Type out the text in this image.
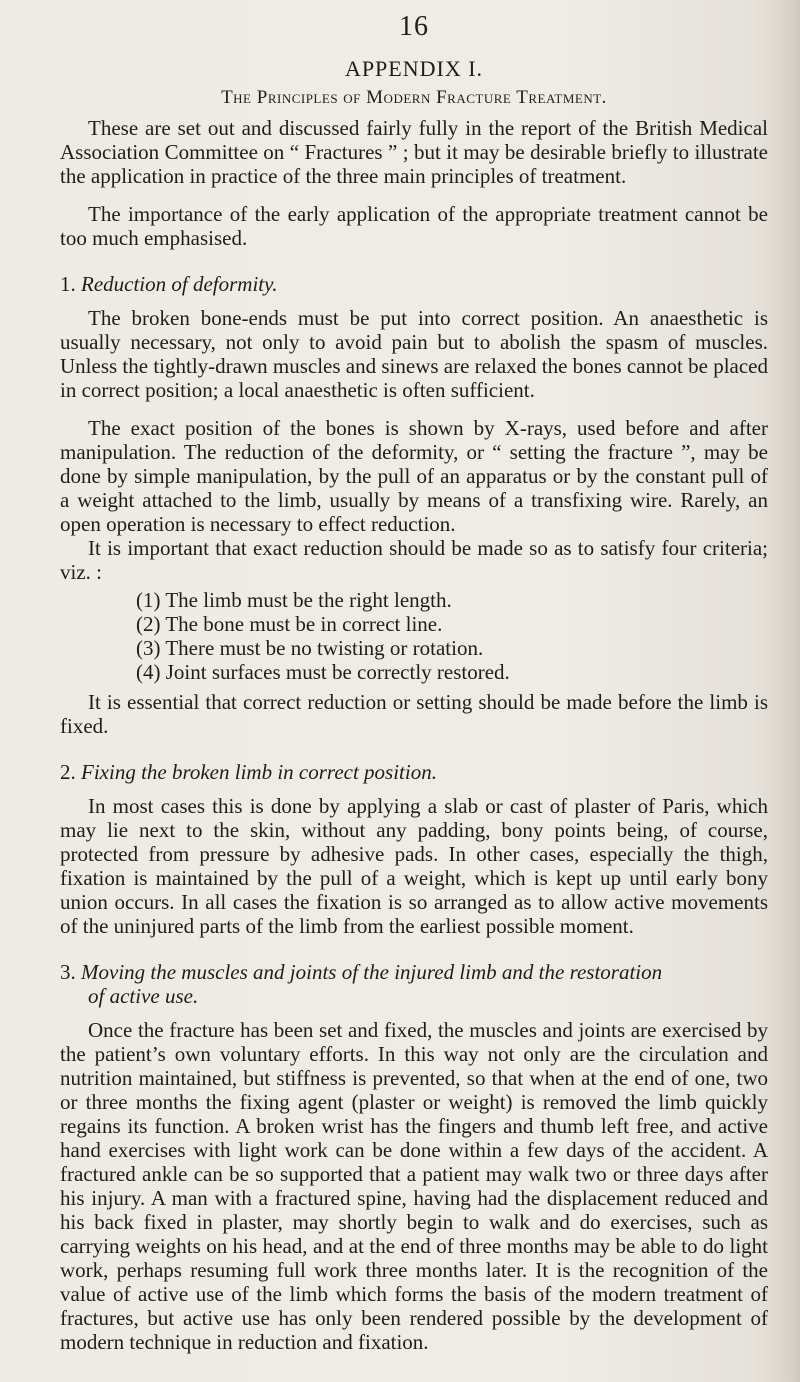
16
APPENDIX I.
The Principles of Modern Fracture Treatment.

These are set out and discussed fairly fully in the report of the British Medical Association Committee on “ Fractures ” ; but it may be desirable briefly to illustrate the application in practice of the three main principles of treatment.

The importance of the early application of the appropriate treatment cannot be too much emphasised.

1. Reduction of deformity.

The broken bone-ends must be put into correct position. An anaesthetic is usually necessary, not only to avoid pain but to abolish the spasm of muscles. Unless the tightly-drawn muscles and sinews are relaxed the bones cannot be placed in correct position; a local anaesthetic is often sufficient.

The exact position of the bones is shown by X-rays, used before and after manipulation. The reduction of the deformity, or “ setting the fracture ”, may be done by simple manipulation, by the pull of an apparatus or by the constant pull of a weight attached to the limb, usually by means of a transfixing wire. Rarely, an open operation is necessary to effect reduction.

It is important that exact reduction should be made so as to satisfy four criteria; viz. :

(1) The limb must be the right length.
(2) The bone must be in correct line.
(3) There must be no twisting or rotation.
(4) Joint surfaces must be correctly restored.

It is essential that correct reduction or setting should be made before the limb is fixed.

2. Fixing the broken limb in correct position.

In most cases this is done by applying a slab or cast of plaster of Paris, which may lie next to the skin, without any padding, bony points being, of course, protected from pressure by adhesive pads. In other cases, especially the thigh, fixation is maintained by the pull of a weight, which is kept up until early bony union occurs. In all cases the fixation is so arranged as to allow active movements of the uninjured parts of the limb from the earliest possible moment.

3. Moving the muscles and joints of the injured limb and the restoration
of active use.

Once the fracture has been set and fixed, the muscles and joints are exercised by the patient’s own voluntary efforts. In this way not only are the circulation and nutrition maintained, but stiffness is prevented, so that when at the end of one, two or three months the fixing agent (plaster or weight) is removed the limb quickly regains its function. A broken wrist has the fingers and thumb left free, and active hand exercises with light work can be done within a few days of the accident. A fractured ankle can be so supported that a patient may walk two or three days after his injury. A man with a fractured spine, having had the displacement reduced and his back fixed in plaster, may shortly begin to walk and do exercises, such as carrying weights on his head, and at the end of three months may be able to do light work, perhaps resuming full work three months later. It is the recognition of the value of active use of the limb which forms the basis of the modern treatment of fractures, but active use has only been rendered possible by the development of modern technique in reduction and fixation.
